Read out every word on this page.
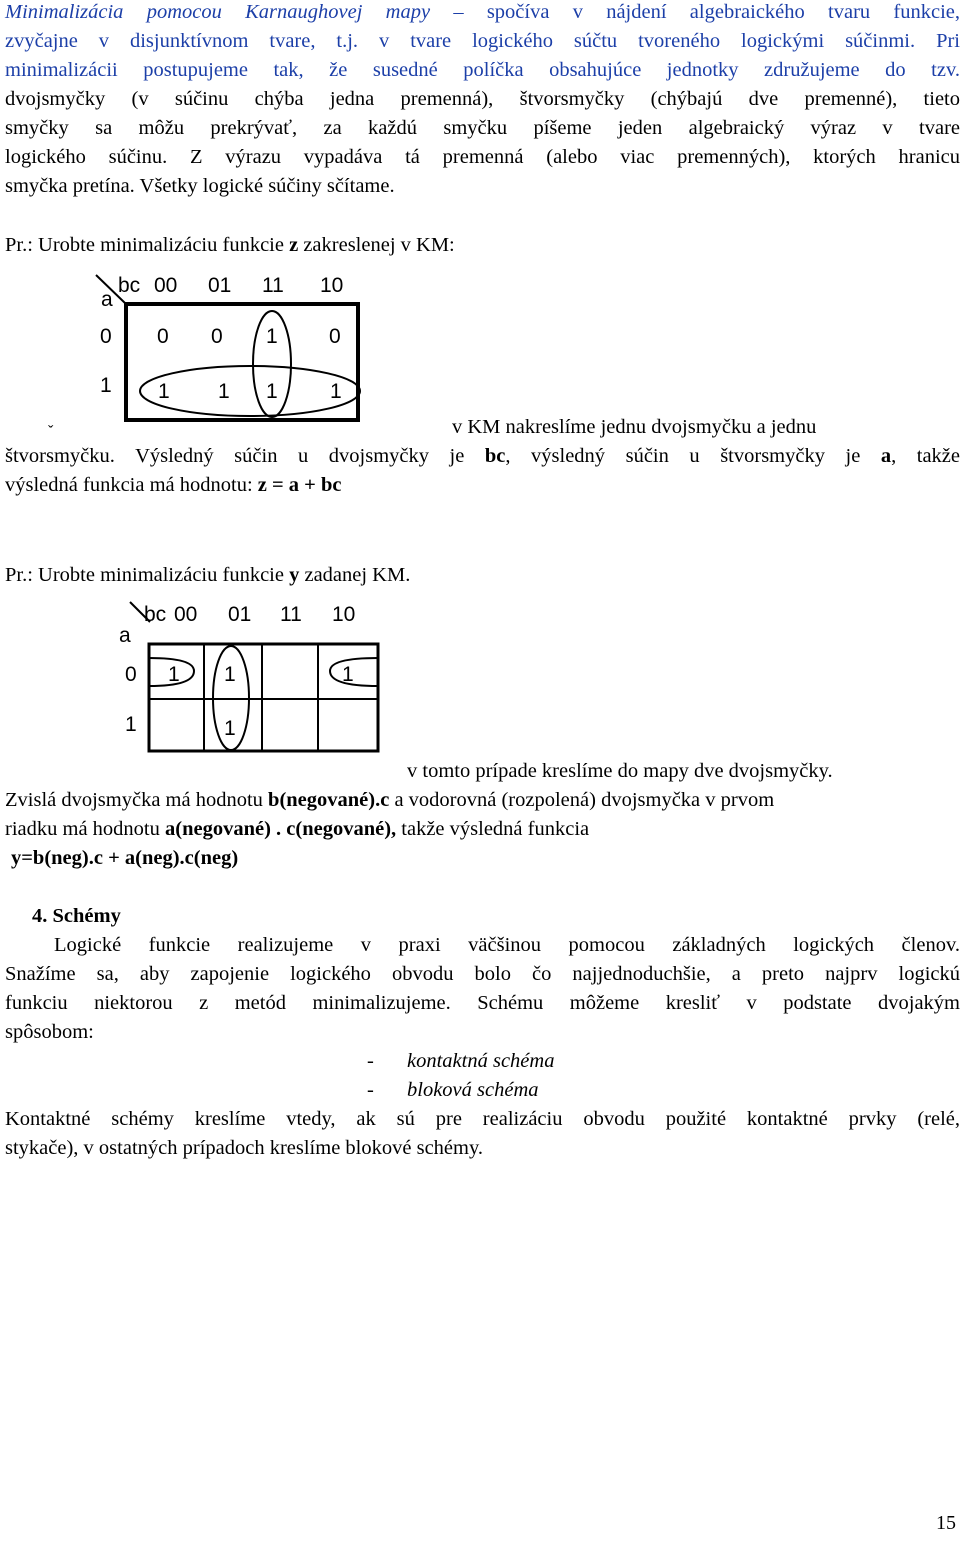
Minimalizácia pomocou Karnaughovej mapy – spočíva v nájdení algebraického tvaru funkcie,
zvyčajne v disjunktívnom tvare, t.j. v tvare logického súčtu tvoreného logickými súčinmi. Pri
minimalizácii postupujeme tak, že susedné políčka obsahujúce jednotky združujeme do tzv.
dvojsmyčky (v súčinu chýba jedna premenná), štvorsmyčky (chýbajú dve premenné), tieto
smyčky sa môžu prekrývať, za každú smyčku píšeme jeden algebraický výraz v tvare
logického súčinu. Z výrazu vypadáva tá premenná (alebo viac premenných), ktorých hranicu
smyčka pretína. Všetky logické súčiny sčítame.
Pr.: Urobte minimalizáciu funkcie z zakreslenej v KM:
bc
a
00 01 11 10
0
1
0 0 1 0
1 1 1 1
ˇ	v KM nakreslíme jednu dvojsmyčku a jednu
štvorsmyčku. Výsledný súčin u dvojsmyčky je bc, výsledný súčin u štvorsmyčky je a, takže
výsledná funkcia má hodnotu: z = a + bc
Pr.: Urobte minimalizáciu funkcie y zadanej KM.
bc
a
00 01 11 10
0
1
1 1	1
1
v tomto prípade kreslíme do mapy dve dvojsmyčky.
Zvislá dvojsmyčka má hodnotu b(negované).c a vodorovná (rozpolená) dvojsmyčka v prvom
riadku má hodnotu a(negované) . c(negované), takže výsledná funkcia
y=b(neg).c + a(neg).c(neg)
4. Schémy
Logické funkcie realizujeme v praxi väčšinou pomocou základných logických členov.
Snažíme sa, aby zapojenie logického obvodu bolo čo najjednoduchšie, a preto najprv logickú
funkciu niektorou z metód minimalizujeme. Schému môžeme kresliť v podstate dvojakým
spôsobom:
- kontaktná schéma
- bloková schéma
Kontaktné schémy kreslíme vtedy, ak sú pre realizáciu obvodu použité kontaktné prvky (relé,
stykače), v ostatných prípadoch kreslíme blokové schémy.
15
